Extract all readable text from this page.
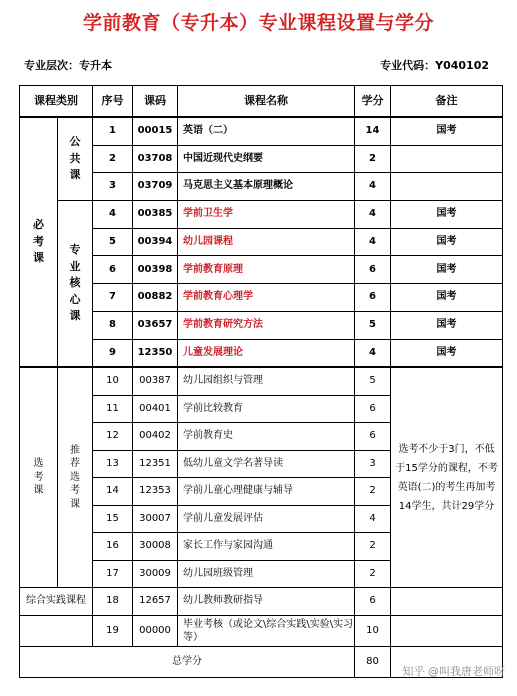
学前教育（专升本）专业课程设置与学分
专业层次：专升本	专业代码：Y040102
课程类别		序号	课码	课程名称	学分	备注
必考课	公共课	1	00015	英语（二）	14	国考
		2	03708	中国近现代史纲要	2	
		3	03709	马克思主义基本原理概论	4	
	专业核心课	4	00385	学前卫生学	4	国考
		5	00394	幼儿园课程	4	国考
		6	00398	学前教育原理	6	国考
		7	00882	学前教育心理学	6	国考
		8	03657	学前教育研究方法	5	国考
		9	12350	儿童发展理论	4	国考
选考课	推荐选考课	10	00387	幼儿园组织与管理	5	选考不少于3门，不低于15学分的课程，不考英语(二)的考生再加考14学生，共计29学分
		11	00401	学前比较教育	6	
		12	00402	学前教育史	6	
		13	12351	低幼儿童文学名著导读	3	
		14	12353	学前儿童心理健康与辅导	2	
		15	30007	学前儿童发展评估	4	
		16	30008	家长工作与家园沟通	2	
		17	30009	幼儿园班级管理	2	
综合实践课程		18	12657	幼儿教师教研指导	6	
		19	00000	毕业考核（或论文\综合实践\实验\实习等）	10	
总学分					80	
知乎 @叫我唐老师呀
